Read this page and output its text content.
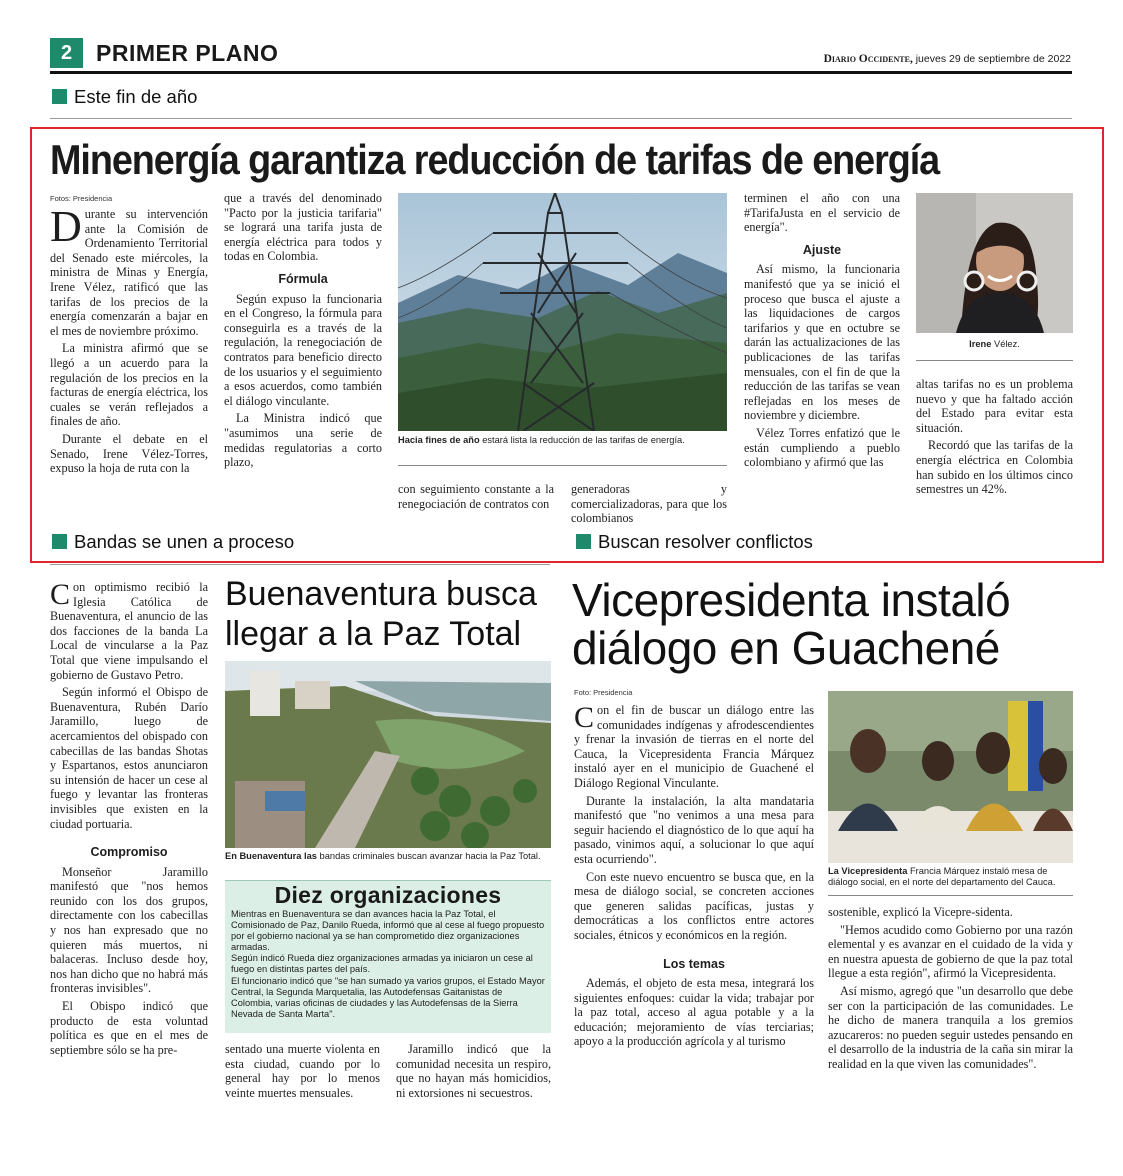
2	PRIMER PLANO	Diario Occidente, jueves 29 de septiembre de 2022
Este fin de año
Minenergía garantiza reducción de tarifas de energía
Fotos: Presidencia
D urante su intervención ante la Comisión de Ordenamiento Territorial del Senado este miércoles, la ministra de Minas y Energía, Irene Vélez, ratificó que las tarifas de los precios de la energía comenzarán a bajar en el mes de noviembre próximo.

La ministra afirmó que se llegó a un acuerdo para la regulación de los precios en la facturas de energía eléctrica, los cuales se verán reflejados a finales de año.

Durante el debate en el Senado, Irene Vélez-Torres, expuso la hoja de ruta con la

que a través del denominado "Pacto por la justicia tarifaria" se logrará una tarifa justa de energía eléctrica para todos y todas en Colombia.

Fórmula

Según expuso la funcionaria en el Congreso, la fórmula para conseguirla es a través de la regulación, la renegociación de contratos para beneficio directo de los usuarios y el seguimiento a esos acuerdos, como también el diálogo vinculante.

La Ministra indicó que "asumimos una serie de medidas regulatorias a corto plazo,

Hacia fines de año estará lista la reducción de las tarifas de energía.

con seguimiento constante a la renegociación de contratos con

generadoras y comercializadoras, para que los colombianos

terminen el año con una #TarifaJusta en el servicio de energía".

Ajuste

Así mismo, la funcionaria manifestó que ya se inició el proceso que busca el ajuste a las liquidaciones de cargos tarifarios y que en octubre se darán las actualizaciones de las publicaciones de las tarifas mensuales, con el fin de que la reducción de las tarifas se vean reflejadas en los meses de noviembre y diciembre.

Vélez Torres enfatizó que le están cumpliendo a pueblo colombiano y afirmó que las

Irene Vélez.

altas tarifas no es un problema nuevo y que ha faltado acción del Estado para evitar esta situación.

Recordó que las tarifas de la energía eléctrica en Colombia han subido en los últimos cinco semestres un 42%.

Bandas se unen a proceso
C on optimismo recibió la Iglesia Católica de Buenaventura, el anuncio de las dos facciones de la banda La Local de vincularse a la Paz Total que viene impulsando el gobierno de Gustavo Petro.

Según informó el Obispo de Buenaventura, Rubén Darío Jaramillo, luego de acercamientos del obispado con cabecillas de las bandas Shotas y Espartanos, estos anunciaron su intensión de hacer un cese al fuego y levantar las fronteras invisibles que existen en la ciudad portuaria.

Compromiso

Monseñor Jaramillo manifestó que "nos hemos reunido con los dos grupos, directamente con los cabecillas y nos han expresado que no quieren más muertos, ni balaceras. Incluso desde hoy, nos han dicho que no habrá más fronteras invisibles".

El Obispo indicó que producto de esta voluntad política es que en el mes de septiembre sólo se ha pre-

Buenaventura busca
llegar a la Paz Total
En Buenaventura las bandas criminales buscan avanzar hacia la Paz Total.
Diez organizaciones

Mientras en Buenaventura se dan avances hacia la Paz Total, el Comisionado de Paz, Danilo Rueda, informó que al cese al fuego propuesto por el gobierno nacional ya se han comprometido diez organizaciones armadas.

Según indicó Rueda diez organizaciones armadas ya iniciaron un cese al fuego en distintas partes del país.

El funcionario indicó que "se han sumado ya varios grupos, el Estado Mayor Central, la Segunda Marquetalia, las Autodefensas Gaitanistas de Colombia, varias oficinas de ciudades y las Autodefensas de la Sierra Nevada de Santa Marta".

sentado una muerte violenta en esta ciudad, cuando por lo general hay por lo menos veinte muertes mensuales.

Jaramillo indicó que la comunidad necesita un respiro, que no hayan más homicidios, ni extorsiones ni secuestros.

Buscan resolver conflictos
Vicepresidenta instaló
diálogo en Guachené
Foto: Presidencia
C on el fin de buscar un diálogo entre las comunidades indígenas y afrodescendientes y frenar la invasión de tierras en el norte del Cauca, la Vicepresidenta Francia Márquez instaló ayer en el municipio de Guachené el Diálogo Regional Vinculante.

Durante la instalación, la alta mandataria manifestó que "no venimos a una mesa para seguir haciendo el diagnóstico de lo que aquí ha pasado, vinimos aquí, a solucionar lo que aquí esta ocurriendo".

Con este nuevo encuentro se busca que, en la mesa de diálogo social, se concreten acciones que generen salidas pacíficas, justas y democráticas a los conflictos entre actores sociales, étnicos y económicos en la región.

Los temas

Además, el objeto de esta mesa, integrará los siguientes enfoques: cuidar la vida; trabajar por la paz total, acceso al agua potable y a la educación; mejoramiento de vías terciarias; apoyo a la producción agrícola y al turismo

La Vicepresidenta Francia Márquez instaló mesa de diálogo social, en el norte del departamento del Cauca.

sostenible, explicó la Vicepre-sidenta.

"Hemos acudido como Gobierno por una razón elemental y es avanzar en el cuidado de la vida y en nuestra apuesta de gobierno de que la paz total llegue a esta región", afirmó la Vicepresidenta.

Así mismo, agregó que "un desarrollo que debe ser con la participación de las comunidades. Le he dicho de manera tranquila a los gremios azucareros: no pueden seguir ustedes pensando en el desarrollo de la industria de la caña sin mirar la realidad en la que viven las comunidades".
